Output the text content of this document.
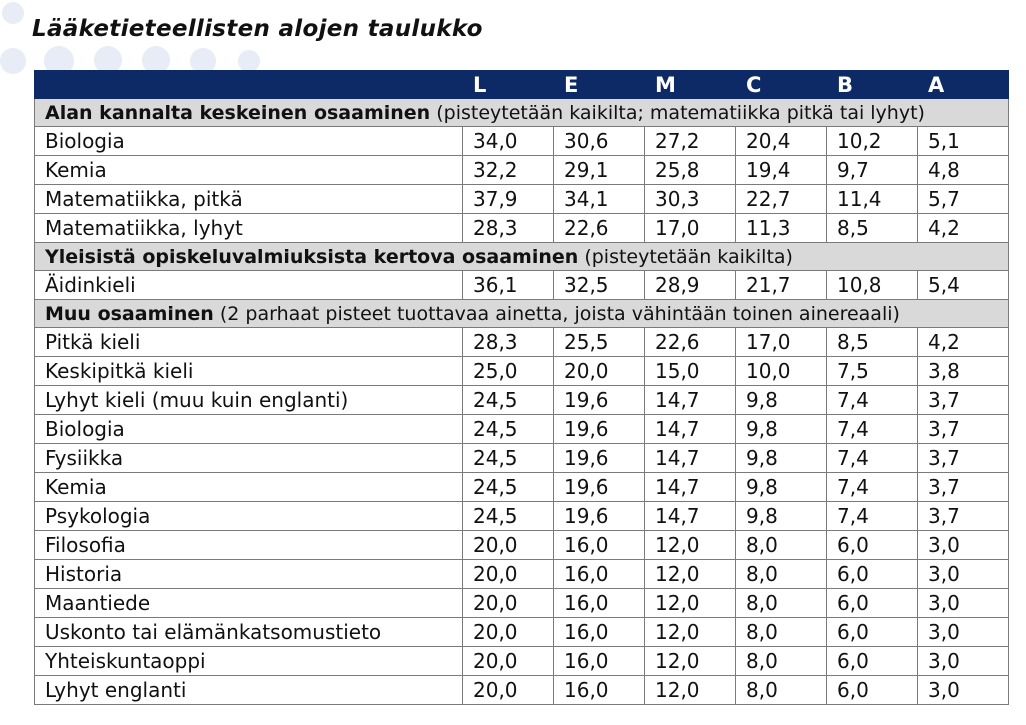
Lääketieteellisten alojen taulukko
	L	E	M	C	B	A
Alan kannalta keskeinen osaaminen (pisteytetään kaikilta; matematiikka pitkä tai lyhyt)						
Biologia	34,0	30,6	27,2	20,4	10,2	5,1
Kemia	32,2	29,1	25,8	19,4	9,7	4,8
Matematiikka, pitkä	37,9	34,1	30,3	22,7	11,4	5,7
Matematiikka, lyhyt	28,3	22,6	17,0	11,3	8,5	4,2
Yleisistä opiskeluvalmiuksista kertova osaaminen (pisteytetään kaikilta)						
Äidinkieli	36,1	32,5	28,9	21,7	10,8	5,4
Muu osaaminen (2 parhaat pisteet tuottavaa ainetta, joista vähintään toinen ainereaali)						
Pitkä kieli	28,3	25,5	22,6	17,0	8,5	4,2
Keskipitkä kieli	25,0	20,0	15,0	10,0	7,5	3,8
Lyhyt kieli (muu kuin englanti)	24,5	19,6	14,7	9,8	7,4	3,7
Biologia	24,5	19,6	14,7	9,8	7,4	3,7
Fysiikka	24,5	19,6	14,7	9,8	7,4	3,7
Kemia	24,5	19,6	14,7	9,8	7,4	3,7
Psykologia	24,5	19,6	14,7	9,8	7,4	3,7
Filosofia	20,0	16,0	12,0	8,0	6,0	3,0
Historia	20,0	16,0	12,0	8,0	6,0	3,0
Maantiede	20,0	16,0	12,0	8,0	6,0	3,0
Uskonto tai elämänkatsomustieto	20,0	16,0	12,0	8,0	6,0	3,0
Yhteiskuntaoppi	20,0	16,0	12,0	8,0	6,0	3,0
Lyhyt englanti	20,0	16,0	12,0	8,0	6,0	3,0
